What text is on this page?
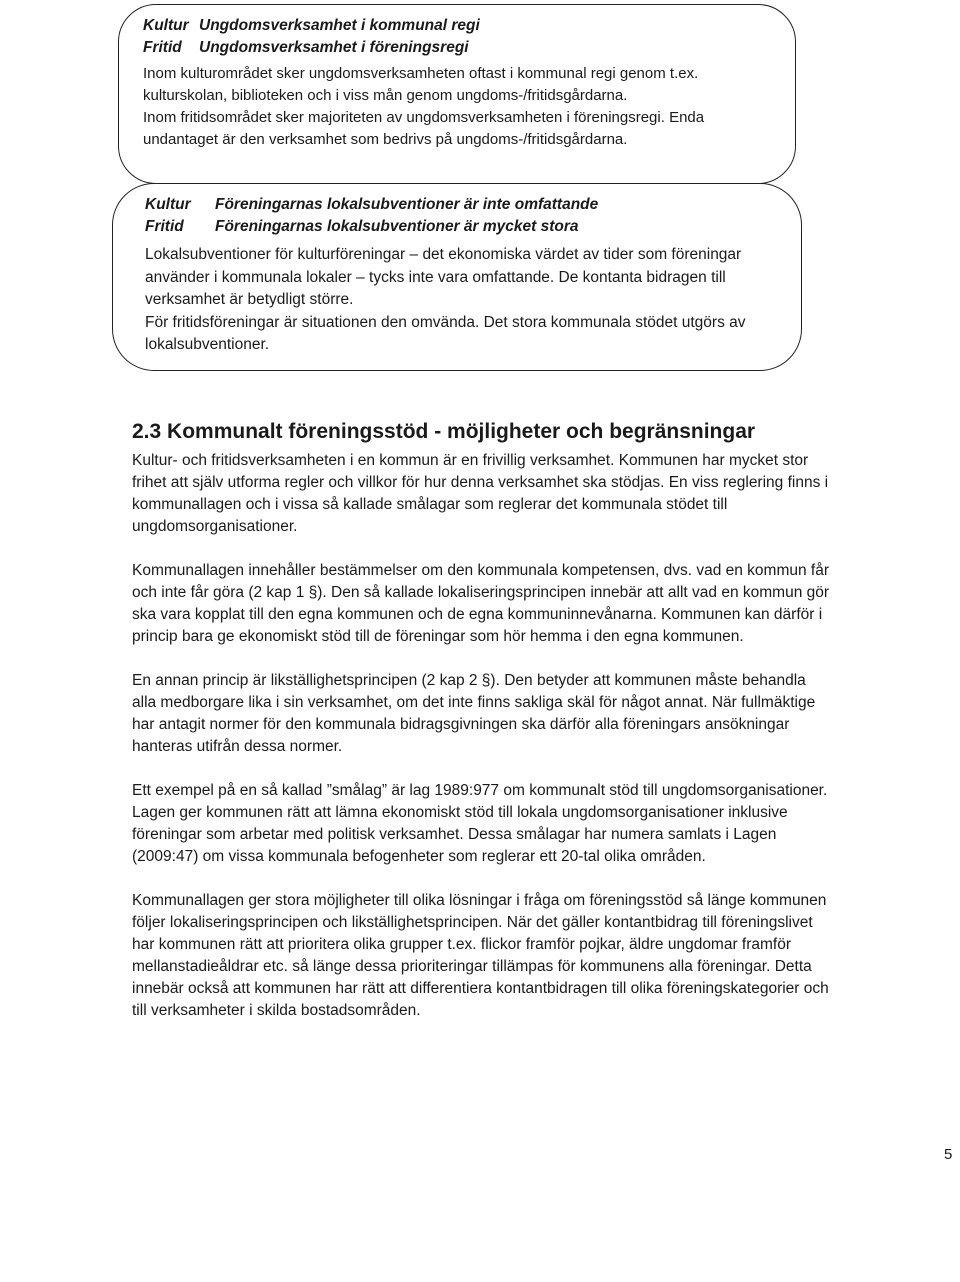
Kultur Ungdomsverksamhet i kommunal regi
Fritid Ungdomsverksamhet i föreningsregi

Inom kulturområdet sker ungdomsverksamheten oftast i kommunal regi genom t.ex. kulturskolan, biblioteken och i viss mån genom ungdoms-/fritidsgårdarna.

Inom fritidsområdet sker majoriteten av ungdomsverksamheten i föreningsregi. Enda undantaget är den verksamhet som bedrivs på ungdoms-/fritidsgårdarna.

Kultur Föreningarnas lokalsubventioner är inte omfattande
Fritid Föreningarnas lokalsubventioner är mycket stora

Lokalsubventioner för kulturföreningar – det ekonomiska värdet av tider som föreningar använder i kommunala lokaler – tycks inte vara omfattande. De kontanta bidragen till verksamhet är betydligt större.

För fritidsföreningar är situationen den omvända. Det stora kommunala stödet utgörs av lokalsubventioner.

2.3 Kommunalt föreningsstöd - möjligheter och begränsningar

Kultur- och fritidsverksamheten i en kommun är en frivillig verksamhet. Kommunen har mycket stor frihet att själv utforma regler och villkor för hur denna verksamhet ska stödjas. En viss reglering finns i kommunallagen och i vissa så kallade smålagar som reglerar det kommunala stödet till ungdomsorganisationer.

Kommunallagen innehåller bestämmelser om den kommunala kompetensen, dvs. vad en kommun får och inte får göra (2 kap 1 §). Den så kallade lokaliseringsprincipen innebär att allt vad en kommun gör ska vara kopplat till den egna kommunen och de egna kommuninnevånarna. Kommunen kan därför i princip bara ge ekonomiskt stöd till de föreningar som hör hemma i den egna kommunen.

En annan princip är likställighetsprincipen (2 kap 2 §). Den betyder att kommunen måste behandla alla medborgare lika i sin verksamhet, om det inte finns sakliga skäl för något annat. När fullmäktige har antagit normer för den kommunala bidragsgivningen ska därför alla föreningars ansökningar hanteras utifrån dessa normer.

Ett exempel på en så kallad ”smålag” är lag 1989:977 om kommunalt stöd till ungdomsorganisationer. Lagen ger kommunen rätt att lämna ekonomiskt stöd till lokala ungdomsorganisationer inklusive föreningar som arbetar med politisk verksamhet. Dessa smålagar har numera samlats i Lagen (2009:47) om vissa kommunala befogenheter som reglerar ett 20-tal olika områden.

Kommunallagen ger stora möjligheter till olika lösningar i fråga om föreningsstöd så länge kommunen följer lokaliseringsprincipen och likställighetsprincipen. När det gäller kontantbidrag till föreningslivet har kommunen rätt att prioritera olika grupper t.ex. flickor framför pojkar, äldre ungdomar framför mellanstadieåldrar etc. så länge dessa prioriteringar tillämpas för kommunens alla föreningar. Detta innebär också att kommunen har rätt att differentiera kontantbidragen till olika föreningskategorier och till verksamheter i skilda bostadsområden.

5
